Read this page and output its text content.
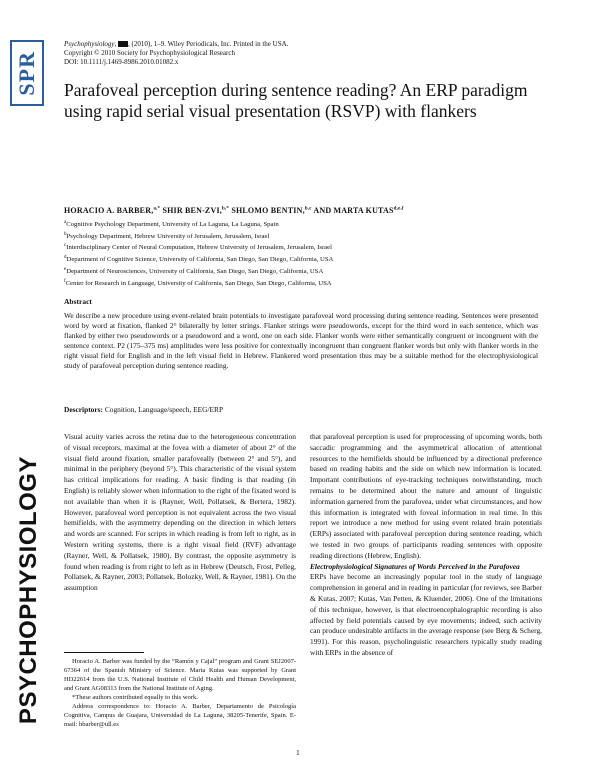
SPR
PSYCHOPHYSIOLOGY
Psychophysiology, , (2010), 1–9. Wiley Periodicals, Inc. Printed in the USA.
Copyright © 2010 Society for Psychophysiological Research
DOI: 10.1111/j.1469-8986.2010.01082.x
Parafoveal perception during sentence reading? An ERP paradigm using rapid serial visual presentation (RSVP) with flankers
HORACIO A. BARBER,$^{a,*}$ SHIR BEN-ZVI,$^{b,*}$ SHLOMO BENTIN,$^{b,c}$ AND MARTA KUTAS$^{d,e,f}$
$^a$Cognitive Psychology Department, University of La Laguna, La Laguna, Spain
$^b$Psychology Department, Hebrew University of Jerusalem, Jerusalem, Israel
$^c$Interdisciplinary Center of Neural Computation, Hebrew University of Jerusalem, Jerusalem, Israel
$^d$Department of Cognitive Science, University of California, San Diego, San Diego, California, USA
$^e$Department of Neurosciences, University of California, San Diego, San Diego, California, USA
$^f$Center for Research in Language, University of California, San Diego, San Diego, California, USA
Abstract
We describe a new procedure using event-related brain potentials to investigate parafoveal word processing during sentence reading. Sentences were presented word by word at fixation, flanked 2° bilaterally by letter strings. Flanker strings were pseudowords, except for the third word in each sentence, which was flanked by either two pseudowords or a pseudoword and a word, one on each side. Flanker words were either semantically congruent or incongruent with the sentence context. P2 (175–375 ms) amplitudes were less positive for contextually incongruent than congruent flanker words but only with flanker words in the right visual field for English and in the left visual field in Hebrew. Flankered word presentation thus may be a suitable method for the electrophysiological study of parafoveal perception during sentence reading.
Descriptors: Cognition, Language/speech, EEG/ERP
Visual acuity varies across the retina due to the heterogeneous concentration of visual receptors, maximal at the fovea with a diameter of about 2° of the visual field around fixation, smaller parafoveally (between 2° and 5°), and minimal in the periphery (beyond 5°). This characteristic of the visual system has critical implications for reading. A basic finding is that reading (in English) is reliably slower when information to the right of the fixated word is not available than when it is (Rayner, Well, Pollatsek, & Bertera, 1982). However, parafoveal word perception is not equivalent across the two visual hemifields, with the asymmetry depending on the direction in which letters and words are scanned. For scripts in which reading is from left to right, as in Western writing systems, there is a right visual field (RVF) advantage (Rayner, Well, & Pollatsek, 1980). By contrast, the opposite asymmetry is found when reading is from right to left as in Hebrew (Deutsch, Frost, Pelleg, Pollatsek, & Rayner, 2003; Pollatsek, Bolozky, Well, & Rayner, 1981). On the assumption

Horacio A. Barber was funded by the “Ramón y Cajal” program and Grant SEJ2007-67364 of the Spanish Ministry of Science. Marta Kutas was supported by Grant HD22614 from the U.S. National Institute of Child Health and Human Development, and Grant AG08313 from the National Institute of Aging.

*These authors contributed equally to this work.

Address correspondence to: Horacio A. Barber, Departamento de Psicología Cognitiva, Campus de Guajara, Universidad de La Laguna, 38205-Tenerife, Spain. E-mail: hbarber@ull.es

that parafoveal perception is used for preprocessing of upcoming words, both saccadic programming and the asymmetrical allocation of attentional resources to the hemifields should be influenced by a directional preference based on reading habits and the side on which new information is located. Important contributions of eye-tracking techniques notwithstanding, much remains to be determined about the nature and amount of linguistic information garnered from the parafovea, under what circumstances, and how this information is integrated with foveal information in real time. In this report we introduce a new method for using event related brain potentials (ERPs) associated with parafoveal perception during sentence reading, which we tested in two groups of participants reading sentences with opposite reading directions (Hebrew, English).

Electrophysiological Signatures of Words Perceived in the Parafovea

ERPs have become an increasingly popular tool in the study of language comprehension in general and in reading in particular (for reviews, see Barber & Kutas, 2007; Kutas, Van Petten, & Kluender, 2006). One of the limitations of this technique, however, is that electroencephalographic recording is also affected by field potentials caused by eye movements; indeed, such activity can produce undesirable artifacts in the average response (see Berg & Scherg, 1991). For this reason, psycholinguistic researchers typically study reading with ERPs in the absence of

1
